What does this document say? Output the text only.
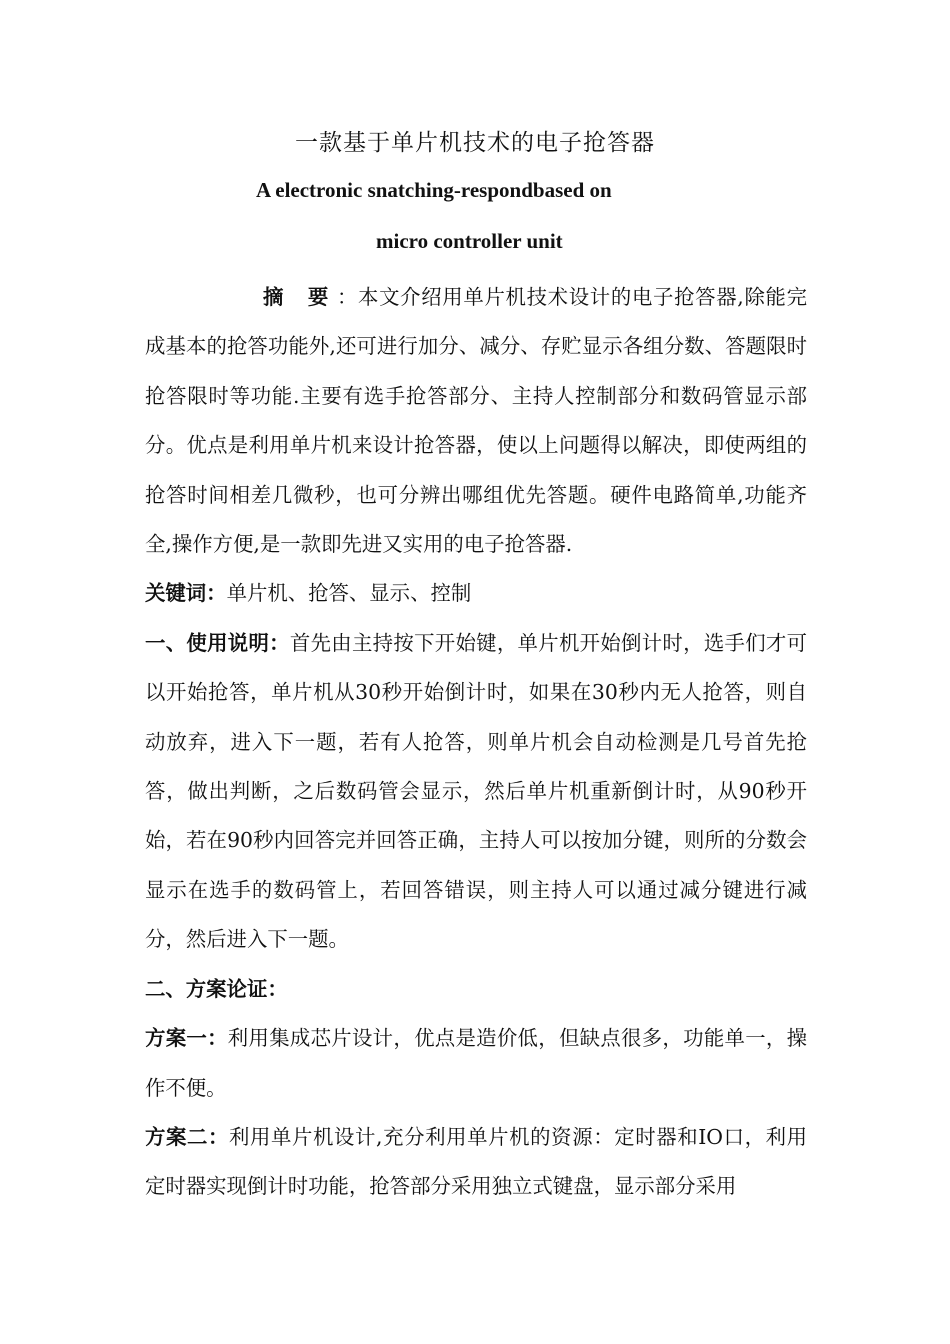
一款基于单片机技术的电子抢答器
A electronic snatching-respondbased on
micro controller unit

摘 要：本文介绍用单片机技术设计的电子抢答器,除能完成基本的抢答功能外,还可进行加分、减分、存贮显示各组分数、答题限时抢答限时等功能.主要有选手抢答部分、主持人控制部分和数码管显示部分。优点是利用单片机来设计抢答器，使以上问题得以解决，即使两组的抢答时间相差几微秒，也可分辨出哪组优先答题。硬件电路简单,功能齐全,操作方便,是一款即先进又实用的电子抢答器.

关键词：单片机、抢答、显示、控制

一、使用说明：首先由主持按下开始键，单片机开始倒计时，选手们才可以开始抢答，单片机从30秒开始倒计时，如果在30秒内无人抢答，则自动放弃，进入下一题，若有人抢答，则单片机会自动检测是几号首先抢答，做出判断，之后数码管会显示，然后单片机重新倒计时，从90秒开始，若在90秒内回答完并回答正确，主持人可以按加分键，则所的分数会显示在选手的数码管上，若回答错误，则主持人可以通过减分键进行减分，然后进入下一题。

二、方案论证：

方案一：利用集成芯片设计，优点是造价低，但缺点很多，功能单一，操作不便。

方案二：利用单片机设计,充分利用单片机的资源：定时器和IO口，利用定时器实现倒计时功能，抢答部分采用独立式键盘，显示部分采用
